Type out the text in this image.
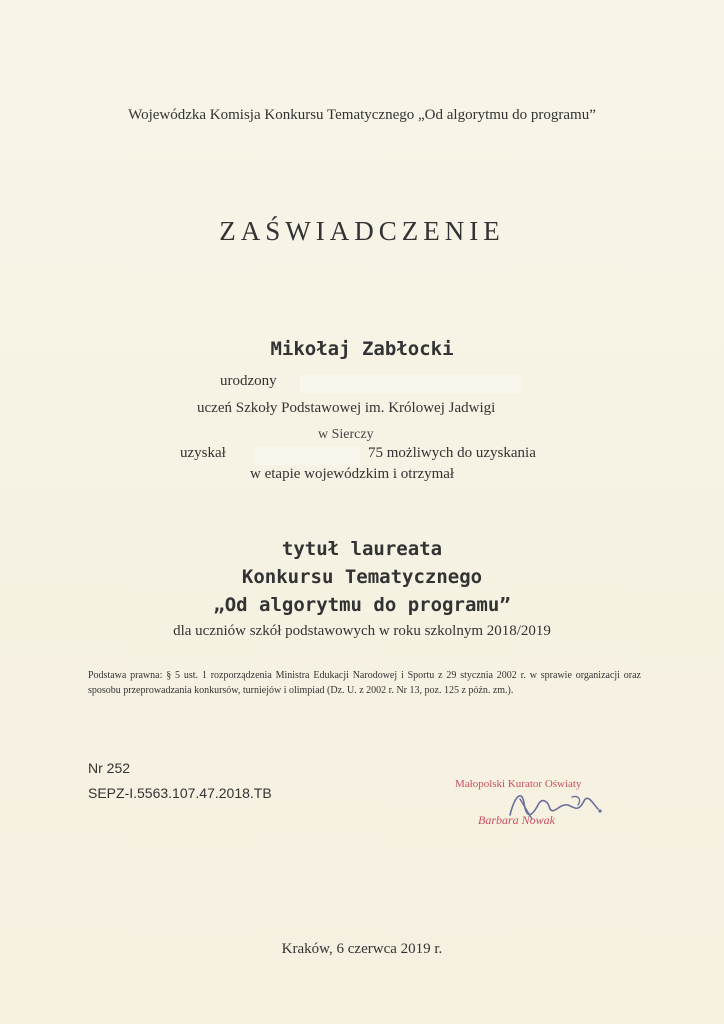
Wojewódzka Komisja Konkursu Tematycznego „Od algorytmu do programu”
ZAŚWIADCZENIE
Mikołaj Zabłocki
urodzony
uczeń Szkoły Podstawowej im. Królowej Jadwigi
w Sierczy
uzyskał	75 możliwych do uzyskania
w etapie wojewódzkim i otrzymał
tytuł laureata
Konkursu Tematycznego
„Od algorytmu do programu”
dla uczniów szkół podstawowych w roku szkolnym 2018/2019
Podstawa prawna: § 5 ust. 1 rozporządzenia Ministra Edukacji Narodowej i Sportu z 29 stycznia 2002 r. w sprawie organizacji oraz sposobu przeprowadzania konkursów, turniejów i olimpiad (Dz. U. z 2002 r. Nr 13, poz. 125 z późn. zm.).
Nr 252
SEPZ-I.5563.107.47.2018.TB
Małopolski Kurator Oświaty
Barbara Nowak
Kraków, 6 czerwca 2019 r.
